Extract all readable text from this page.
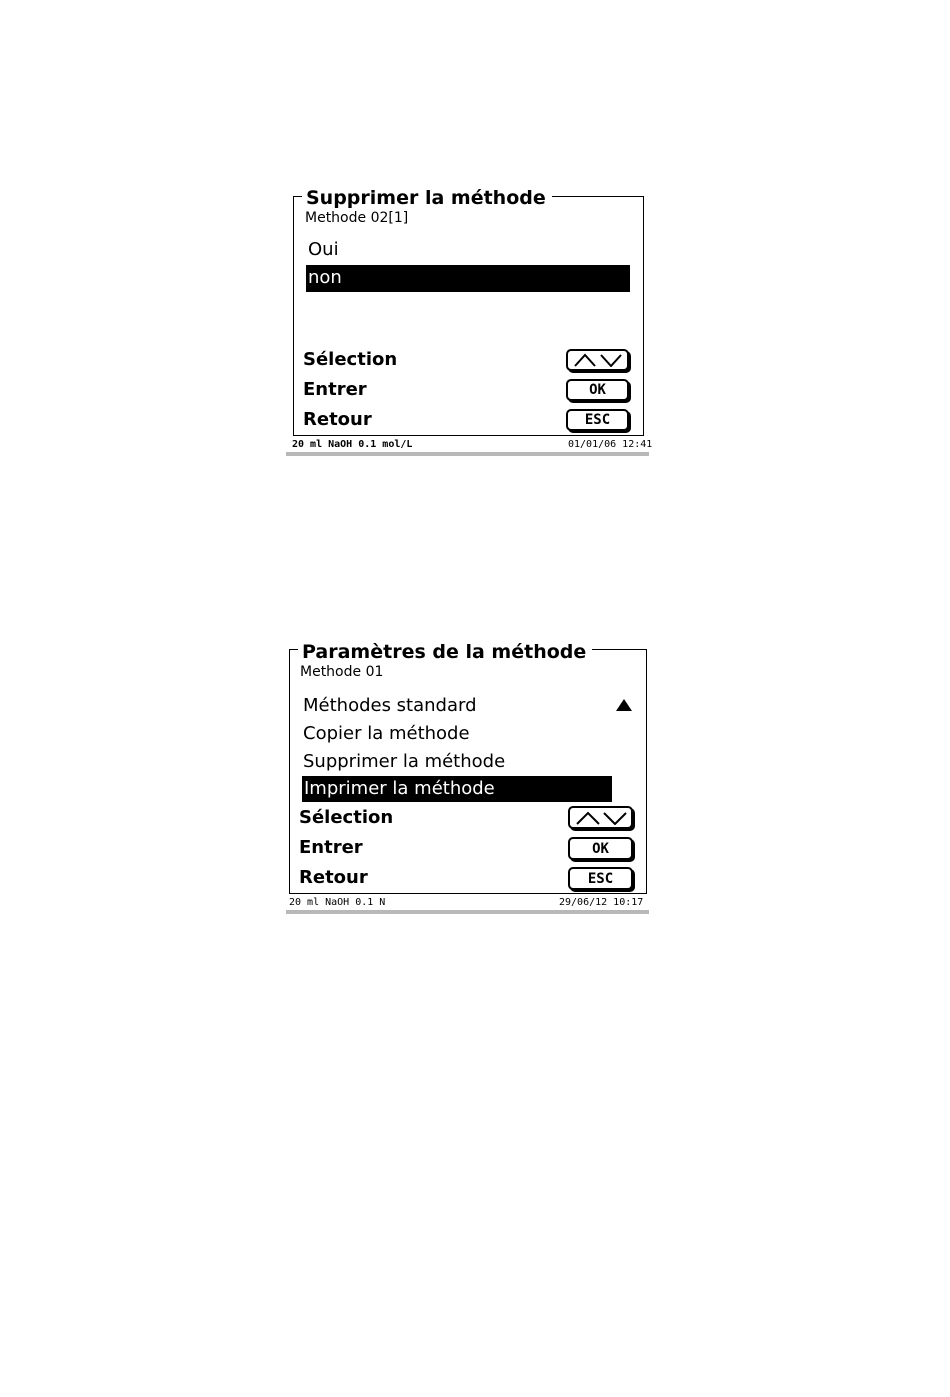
Supprimer la méthode
Methode 02[1]
Oui
non
Sélection
Entrer	OK
Retour	ESC
20 ml NaOH 0.1 mol/L	01/01/06 12:41
Paramètres de la méthode
Methode 01
Méthodes standard
Copier la méthode
Supprimer la méthode
Imprimer la méthode
Sélection
Entrer	OK
Retour	ESC
20 ml NaOH 0.1 N	29/06/12 10:17
